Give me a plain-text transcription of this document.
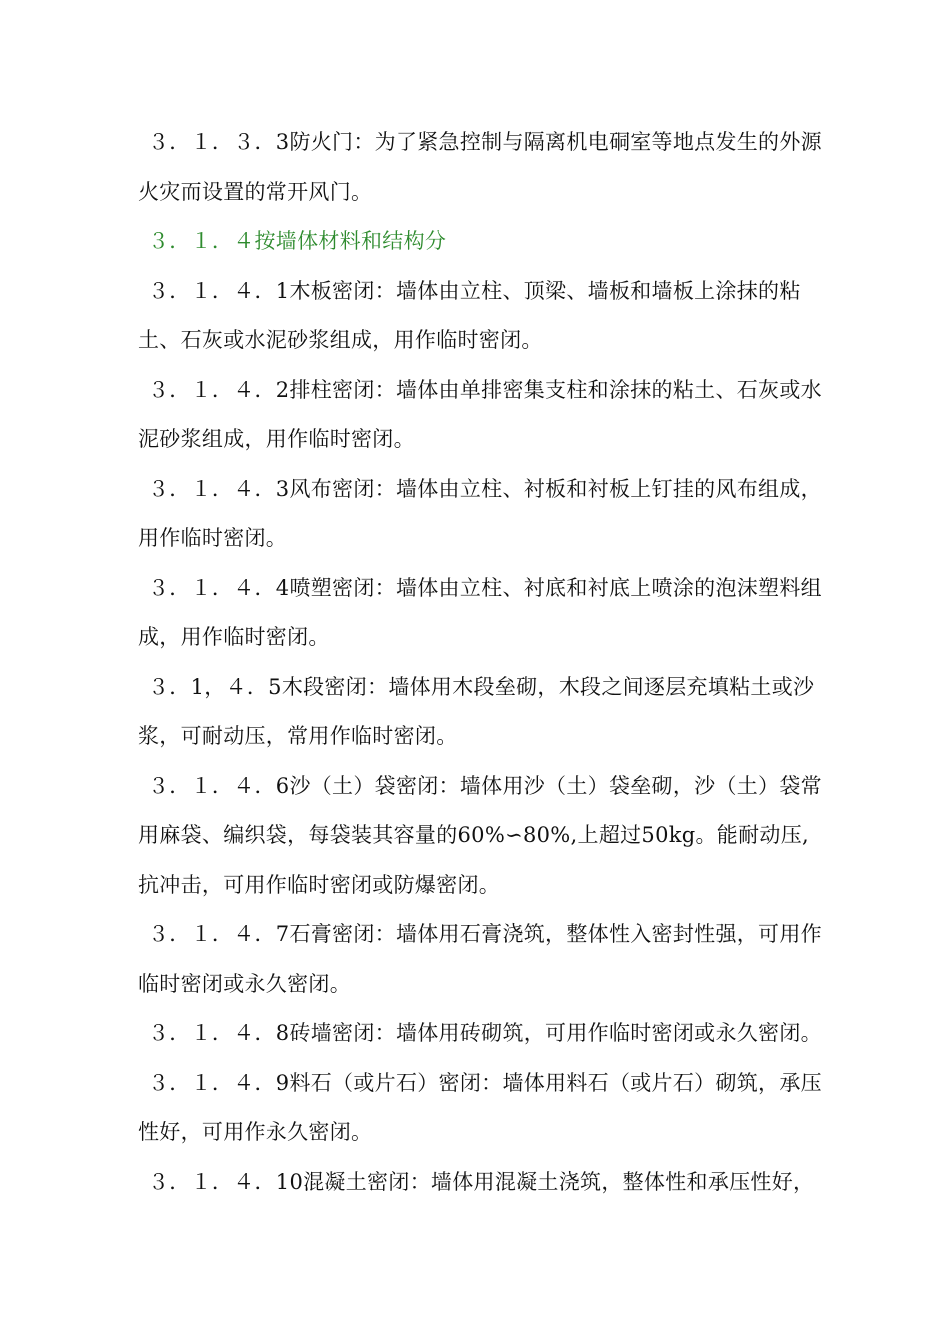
３．１．３．3防火门：为了紧急控制与隔离机电硐室等地点发生的外源火灾而设置的常开风门。

３．１．４按墙体材料和结构分

３．１．４．1木板密闭：墙体由立柱、顶梁、墙板和墙板上涂抹的粘土、石灰或水泥砂浆组成，用作临时密闭。

３．１．４．2排柱密闭：墙体由单排密集支柱和涂抹的粘土、石灰或水泥砂浆组成，用作临时密闭。

３．１．４．3风布密闭：墙体由立柱、衬板和衬板上钉挂的风布组成，用作临时密闭。

３．１．４．4喷塑密闭：墙体由立柱、衬底和衬底上喷涂的泡沫塑料组成，用作临时密闭。

３．1，４．5木段密闭：墙体用木段垒砌，木段之间逐层充填粘土或沙浆，可耐动压，常用作临时密闭。

３．１．４．6沙（土）袋密闭：墙体用沙（土）袋垒砌，沙（土）袋常用麻袋、编织袋，每袋装其容量的60%∽80%,上超过50kg。能耐动压,抗冲击，可用作临时密闭或防爆密闭。

３．１．４．7石膏密闭：墙体用石膏浇筑，整体性入密封性强，可用作临时密闭或永久密闭。

３．１．４．8砖墙密闭：墙体用砖砌筑，可用作临时密闭或永久密闭。

３．１．４．9料石（或片石）密闭：墙体用料石（或片石）砌筑，承压性好，可用作永久密闭。

３．１．４．10混凝土密闭：墙体用混凝土浇筑，整体性和承压性好，
